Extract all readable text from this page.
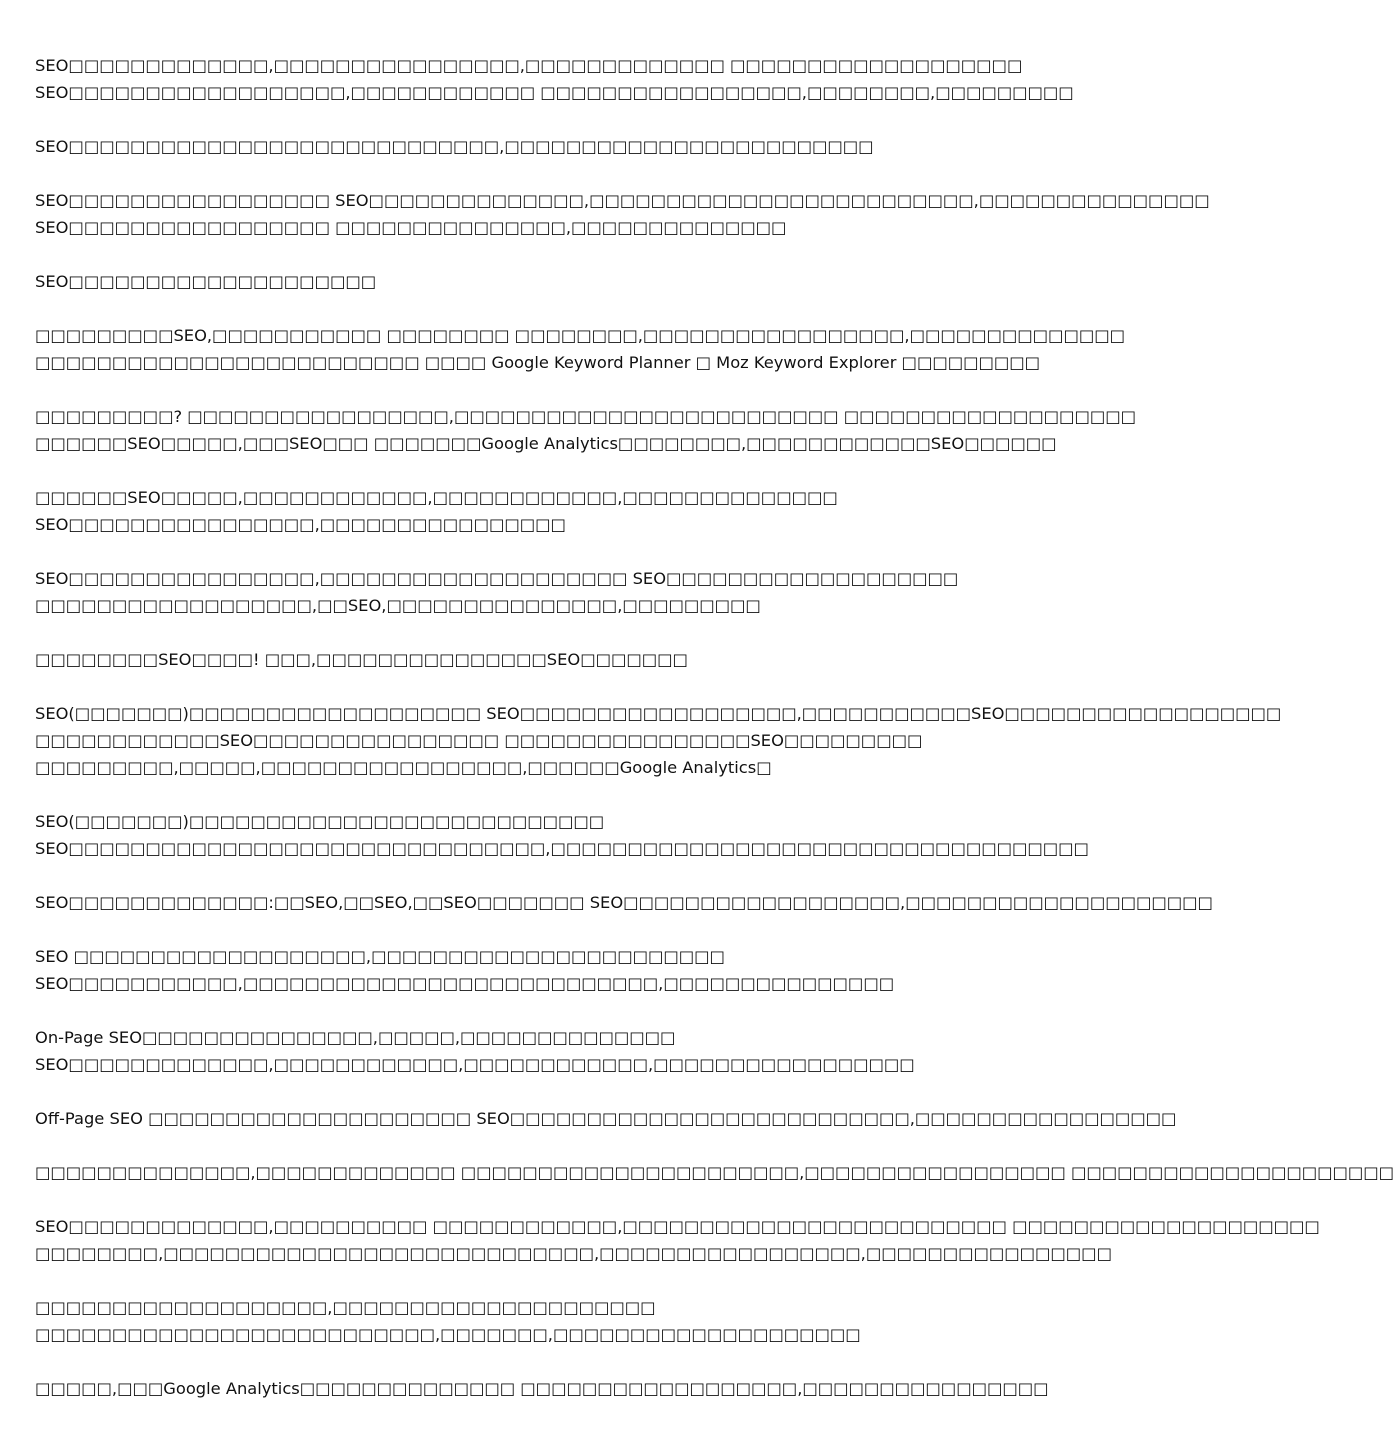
SEO□□□□□□□□□□□□□,□□□□□□□□□□□□□□□□,□□□□□□□□□□□□□ □□□□□□□□□□□□□□□□□□□
SEO□□□□□□□□□□□□□□□□□□,□□□□□□□□□□□□ □□□□□□□□□□□□□□□□□,□□□□□□□□,□□□□□□□□□

SEO□□□□□□□□□□□□□□□□□□□□□□□□□□□□,□□□□□□□□□□□□□□□□□□□□□□□□

SEO□□□□□□□□□□□□□□□□□ SEO□□□□□□□□□□□□□□,□□□□□□□□□□□□□□□□□□□□□□□□□,□□□□□□□□□□□□□□□
SEO□□□□□□□□□□□□□□□□□ □□□□□□□□□□□□□□□,□□□□□□□□□□□□□□

SEO□□□□□□□□□□□□□□□□□□□□

□□□□□□□□□SEO,□□□□□□□□□□□ □□□□□□□□ □□□□□□□□,□□□□□□□□□□□□□□□□□,□□□□□□□□□□□□□□
□□□□□□□□□□□□□□□□□□□□□□□□□ □□□□ Google Keyword Planner □ Moz Keyword Explorer □□□□□□□□□

□□□□□□□□□? □□□□□□□□□□□□□□□□□,□□□□□□□□□□□□□□□□□□□□□□□□□ □□□□□□□□□□□□□□□□□□□
□□□□□□SEO□□□□□,□□□SEO□□□ □□□□□□□Google Analytics□□□□□□□□,□□□□□□□□□□□□SEO□□□□□□

□□□□□□SEO□□□□□,□□□□□□□□□□□□,□□□□□□□□□□□□,□□□□□□□□□□□□□□
SEO□□□□□□□□□□□□□□□□,□□□□□□□□□□□□□□□□

SEO□□□□□□□□□□□□□□□□,□□□□□□□□□□□□□□□□□□□□ SEO□□□□□□□□□□□□□□□□□□□
□□□□□□□□□□□□□□□□□□,□□SEO,□□□□□□□□□□□□□□□,□□□□□□□□□

□□□□□□□□SEO□□□□! □□□,□□□□□□□□□□□□□□□SEO□□□□□□□

SEO(□□□□□□□)□□□□□□□□□□□□□□□□□□□ SEO□□□□□□□□□□□□□□□□□□,□□□□□□□□□□□SEO□□□□□□□□□□□□□□□□□□
□□□□□□□□□□□□SEO□□□□□□□□□□□□□□□□ □□□□□□□□□□□□□□□□SEO□□□□□□□□□
□□□□□□□□□,□□□□□,□□□□□□□□□□□□□□□□□,□□□□□□Google Analytics□

SEO(□□□□□□□)□□□□□□□□□□□□□□□□□□□□□□□□□□□
SEO□□□□□□□□□□□□□□□□□□□□□□□□□□□□□□□,□□□□□□□□□□□□□□□□□□□□□□□□□□□□□□□□□□□

SEO□□□□□□□□□□□□□:□□SEO,□□SEO,□□SEO□□□□□□□ SEO□□□□□□□□□□□□□□□□□□,□□□□□□□□□□□□□□□□□□□□

SEO □□□□□□□□□□□□□□□□□□□,□□□□□□□□□□□□□□□□□□□□□□□
SEO□□□□□□□□□□□,□□□□□□□□□□□□□□□□□□□□□□□□□□□,□□□□□□□□□□□□□□□

On-Page SEO□□□□□□□□□□□□□□□,□□□□□,□□□□□□□□□□□□□□
SEO□□□□□□□□□□□□□,□□□□□□□□□□□□,□□□□□□□□□□□□,□□□□□□□□□□□□□□□□□

Off-Page SEO □□□□□□□□□□□□□□□□□□□□□ SEO□□□□□□□□□□□□□□□□□□□□□□□□□□,□□□□□□□□□□□□□□□□□

□□□□□□□□□□□□□□,□□□□□□□□□□□□□ □□□□□□□□□□□□□□□□□□□□□□,□□□□□□□□□□□□□□□□□ □□□□□□□□□□□□□□□□□□□□□

SEO□□□□□□□□□□□□□,□□□□□□□□□□ □□□□□□□□□□□□,□□□□□□□□□□□□□□□□□□□□□□□□□ □□□□□□□□□□□□□□□□□□□□
□□□□□□□□,□□□□□□□□□□□□□□□□□□□□□□□□□□□□,□□□□□□□□□□□□□□□□□,□□□□□□□□□□□□□□□□

□□□□□□□□□□□□□□□□□□□,□□□□□□□□□□□□□□□□□□□□□
□□□□□□□□□□□□□□□□□□□□□□□□□□,□□□□□□□,□□□□□□□□□□□□□□□□□□□□

□□□□□,□□□Google Analytics□□□□□□□□□□□□□□ □□□□□□□□□□□□□□□□□□,□□□□□□□□□□□□□□□□
